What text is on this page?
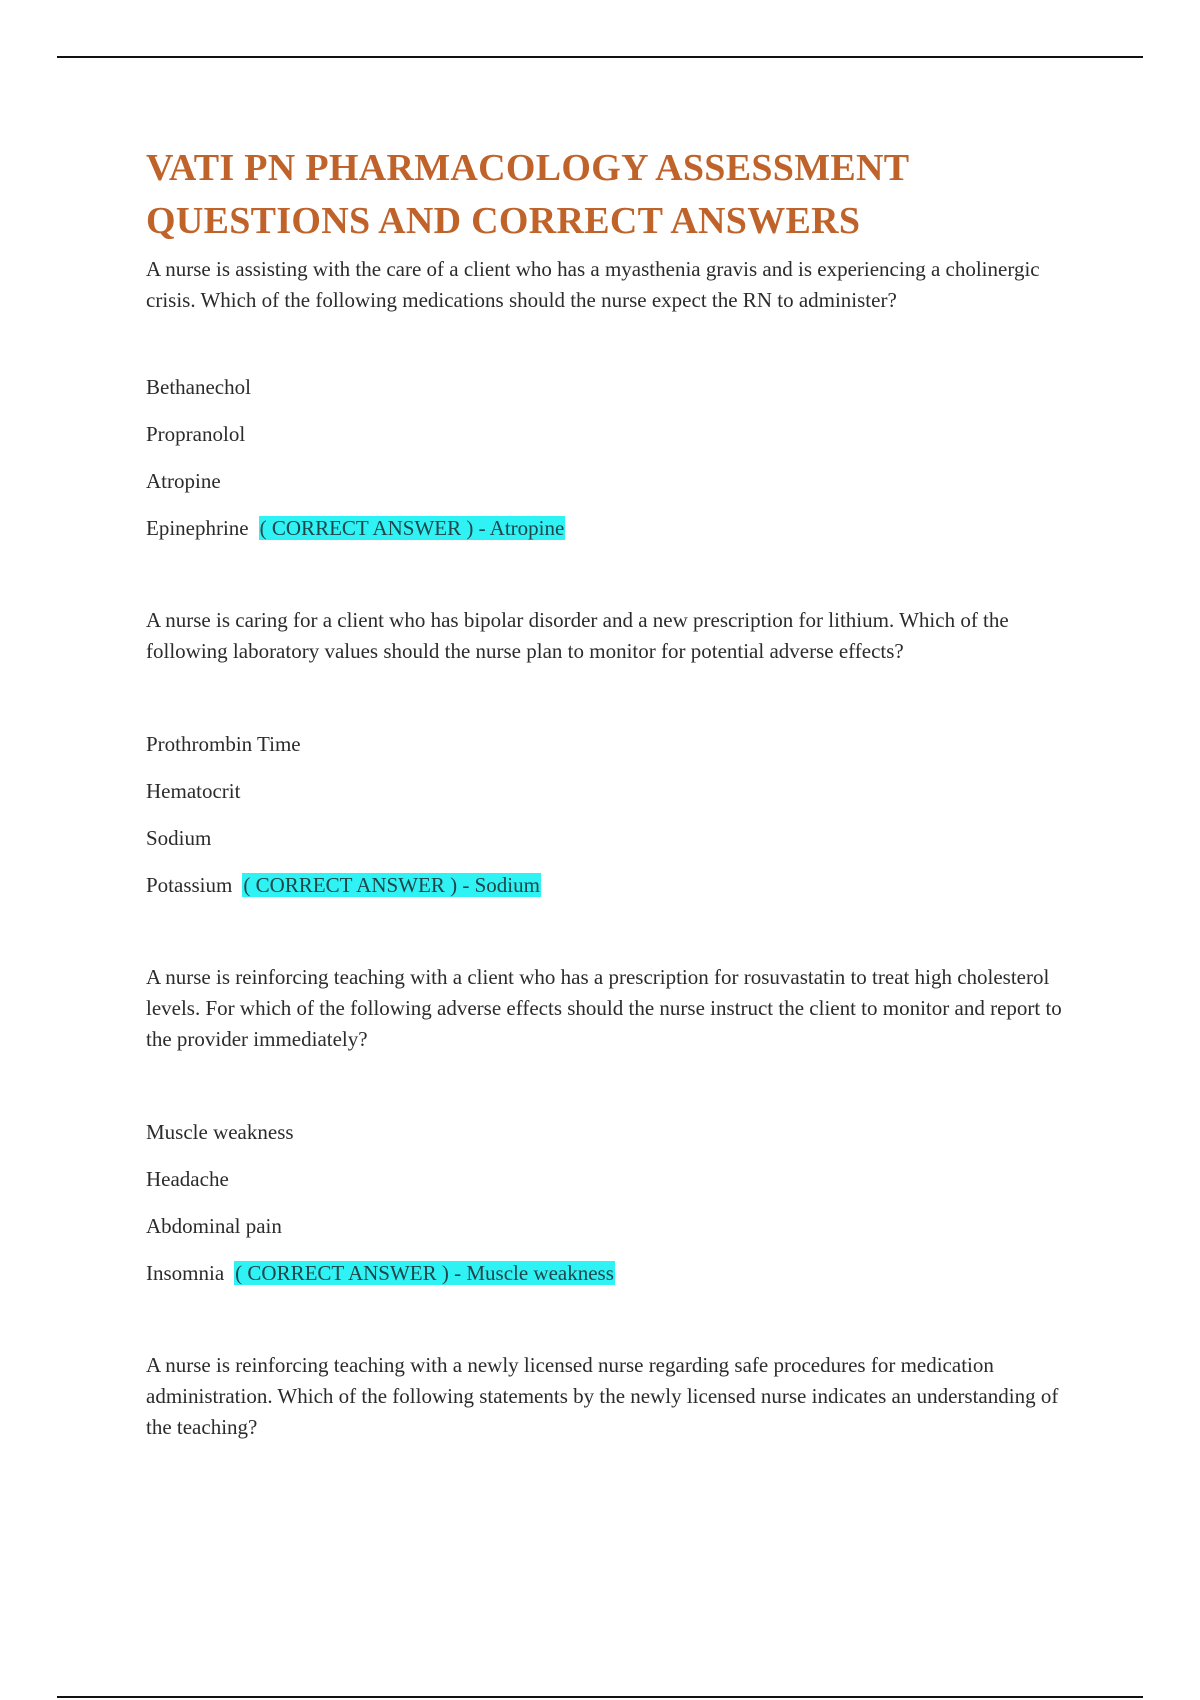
VATI PN PHARMACOLOGY ASSESSMENT
QUESTIONS AND CORRECT ANSWERS

A nurse is assisting with the care of a client who has a myasthenia gravis and is experiencing a cholinergic crisis. Which of the following medications should the nurse expect the RN to administer?

Bethanechol
Propranolol
Atropine
Epinephrine ( CORRECT ANSWER ) - Atropine

A nurse is caring for a client who has bipolar disorder and a new prescription for lithium. Which of the following laboratory values should the nurse plan to monitor for potential adverse effects?

Prothrombin Time
Hematocrit
Sodium
Potassium ( CORRECT ANSWER ) - Sodium

A nurse is reinforcing teaching with a client who has a prescription for rosuvastatin to treat high cholesterol levels. For which of the following adverse effects should the nurse instruct the client to monitor and report to the provider immediately?

Muscle weakness
Headache
Abdominal pain
Insomnia ( CORRECT ANSWER ) - Muscle weakness

A nurse is reinforcing teaching with a newly licensed nurse regarding safe procedures for medication administration. Which of the following statements by the newly licensed nurse indicates an understanding of the teaching?
